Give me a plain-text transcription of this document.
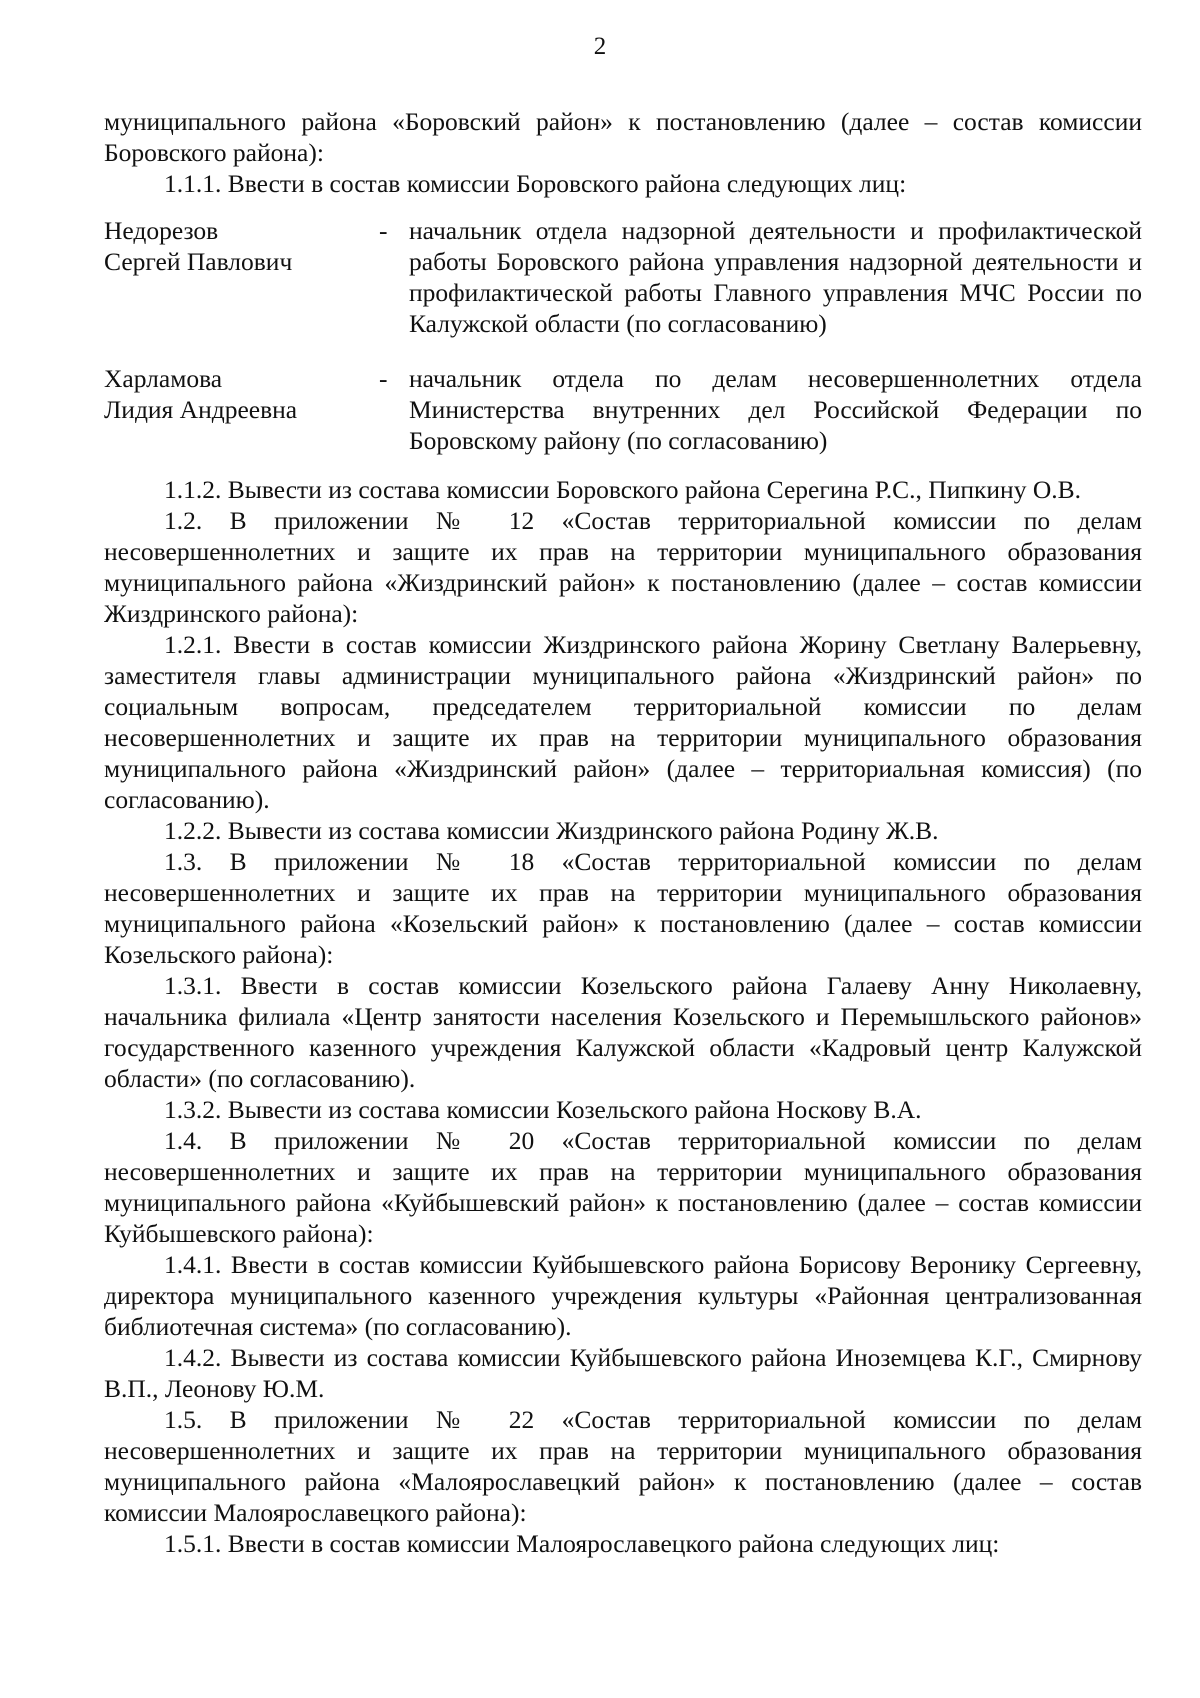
2

муниципального района «Боровский район» к постановлению (далее – состав комиссии Боровского района):

1.1.1. Ввести в состав комиссии Боровского района следующих лиц:

Недорезов
Сергей Павлович
- начальник отдела надзорной деятельности и профилактической работы Боровского района управления надзорной деятельности и профилактической работы Главного управления МЧС России по Калужской области (по согласованию)
Харламова
Лидия Андреевна
- начальник отдела по делам несовершеннолетних отдела Министерства внутренних дел Российской Федерации по Боровскому району (по согласованию)

1.1.2. Вывести из состава комиссии Боровского района Серегина Р.С., Пипкину О.В.

1.2. В приложении № 12 «Состав территориальной комиссии по делам несовершеннолетних и защите их прав на территории муниципального образования муниципального района «Жиздринский район» к постановлению (далее – состав комиссии Жиздринского района):

1.2.1. Ввести в состав комиссии Жиздринского района Жорину Светлану Валерьевну, заместителя главы администрации муниципального района «Жиздринский район» по социальным вопросам, председателем территориальной комиссии по делам несовершеннолетних и защите их прав на территории муниципального образования муниципального района «Жиздринский район» (далее – территориальная комиссия) (по согласованию).

1.2.2. Вывести из состава комиссии Жиздринского района Родину Ж.В.

1.3. В приложении № 18 «Состав территориальной комиссии по делам несовершеннолетних и защите их прав на территории муниципального образования муниципального района «Козельский район» к постановлению (далее – состав комиссии Козельского района):

1.3.1. Ввести в состав комиссии Козельского района Галаеву Анну Николаевну, начальника филиала «Центр занятости населения Козельского и Перемышльского районов» государственного казенного учреждения Калужской области «Кадровый центр Калужской области» (по согласованию).

1.3.2. Вывести из состава комиссии Козельского района Носкову В.А.

1.4. В приложении № 20 «Состав территориальной комиссии по делам несовершеннолетних и защите их прав на территории муниципального образования муниципального района «Куйбышевский район» к постановлению (далее – состав комиссии Куйбышевского района):

1.4.1. Ввести в состав комиссии Куйбышевского района Борисову Веронику Сергеевну, директора муниципального казенного учреждения культуры «Районная централизованная библиотечная система» (по согласованию).

1.4.2. Вывести из состава комиссии Куйбышевского района Иноземцева К.Г., Смирнову В.П., Леонову Ю.М.

1.5. В приложении № 22 «Состав территориальной комиссии по делам несовершеннолетних и защите их прав на территории муниципального образования муниципального района «Малоярославецкий район» к постановлению (далее – состав комиссии Малоярославецкого района):

1.5.1. Ввести в состав комиссии Малоярославецкого района следующих лиц:
